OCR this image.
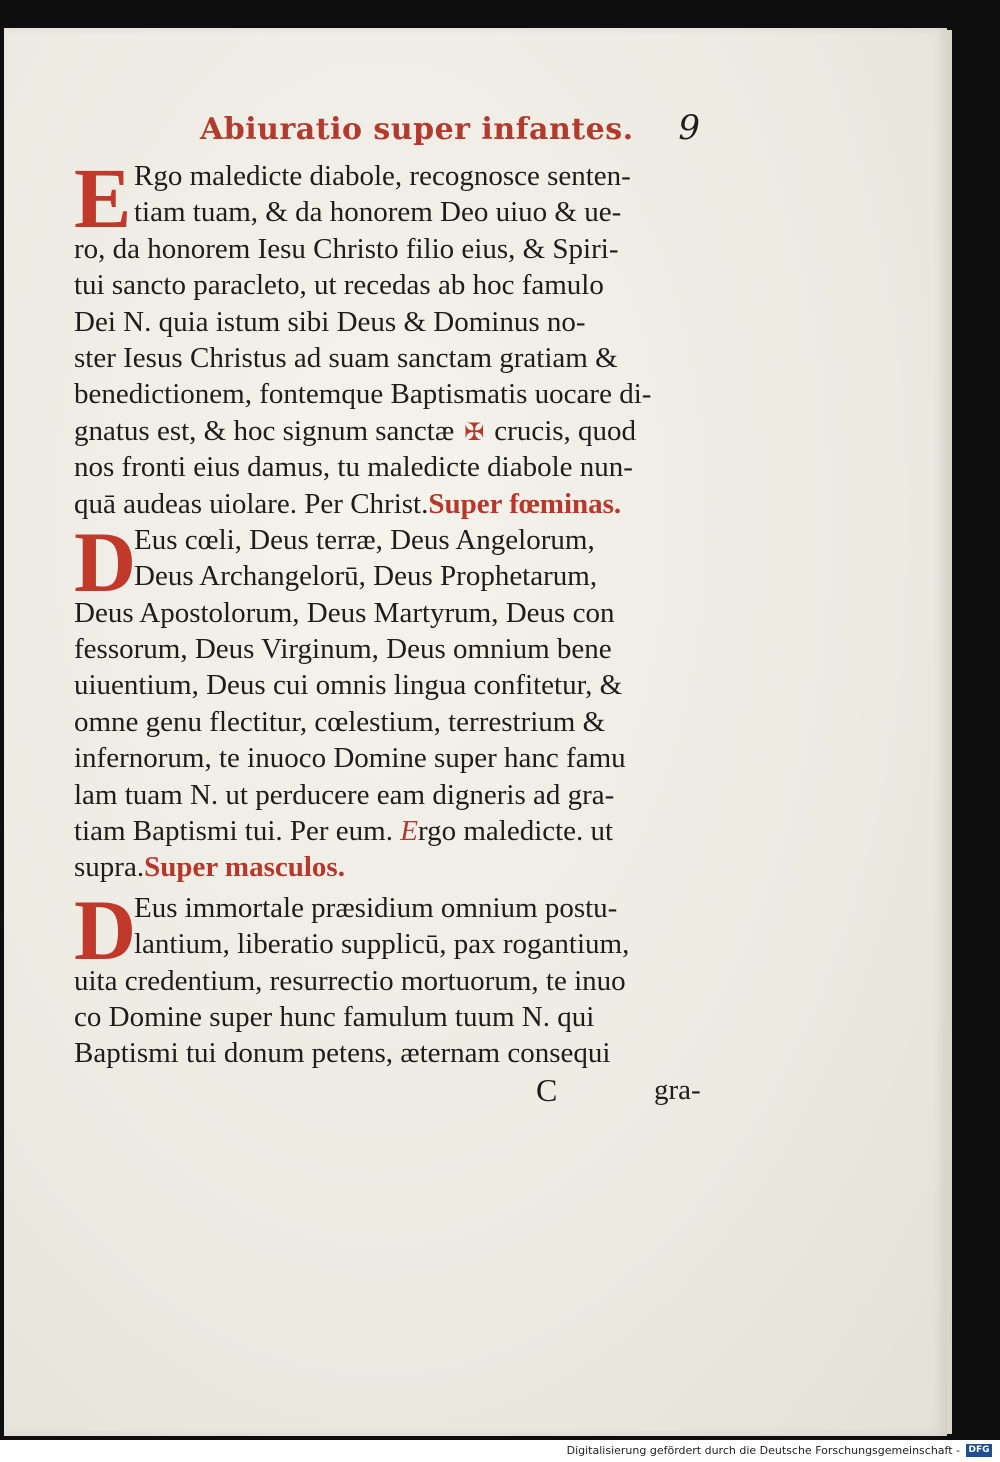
Abiuratio super infantes. 9
E Rgo maledicte diabole, recognosce senten-
tiam tuam, & da honorem Deo uiuo & ue-
ro, da honorem Iesu Christo filio eius, & Spiri-
tui sancto paracleto, ut recedas ab hoc famulo
Dei N. quia istum sibi Deus & Dominus no-
ster Iesus Christus ad suam sanctam gratiam &
benedictionem, fontemque Baptismatis uocare di-
gnatus est, & hoc signum sanctæ ✠ crucis, quod
nos fronti eius damus, tu maledicte diabole nun-
quā audeas uiolare. Per Christ.Super fœminas.
D
Eus cœli, Deus terræ, Deus Angelorum,
Deus Archangelorū, Deus Prophetarum,
Deus Apostolorum, Deus Martyrum, Deus con
fessorum, Deus Virginum, Deus omnium bene
uiuentium, Deus cui omnis lingua confitetur, &
omne genu flectitur, cœlestium, terrestrium &
infernorum, te inuoco Domine super hanc famu
lam tuam N. ut perducere eam digneris ad gra-
tiam Baptismi tui. Per eum. Ergo maledicte. ut
supra.Super masculos.
D
Eus immortale præsidium omnium postu-
lantium, liberatio supplicū, pax rogantium,
uita credentium, resurrectio mortuorum, te inuo
co Domine super hunc famulum tuum N. qui
Baptismi tui donum petens, æternam consequi
C	gra-
Digitalisierung gefördert durch die Deutsche Forschungsgemeinschaft - DFG
